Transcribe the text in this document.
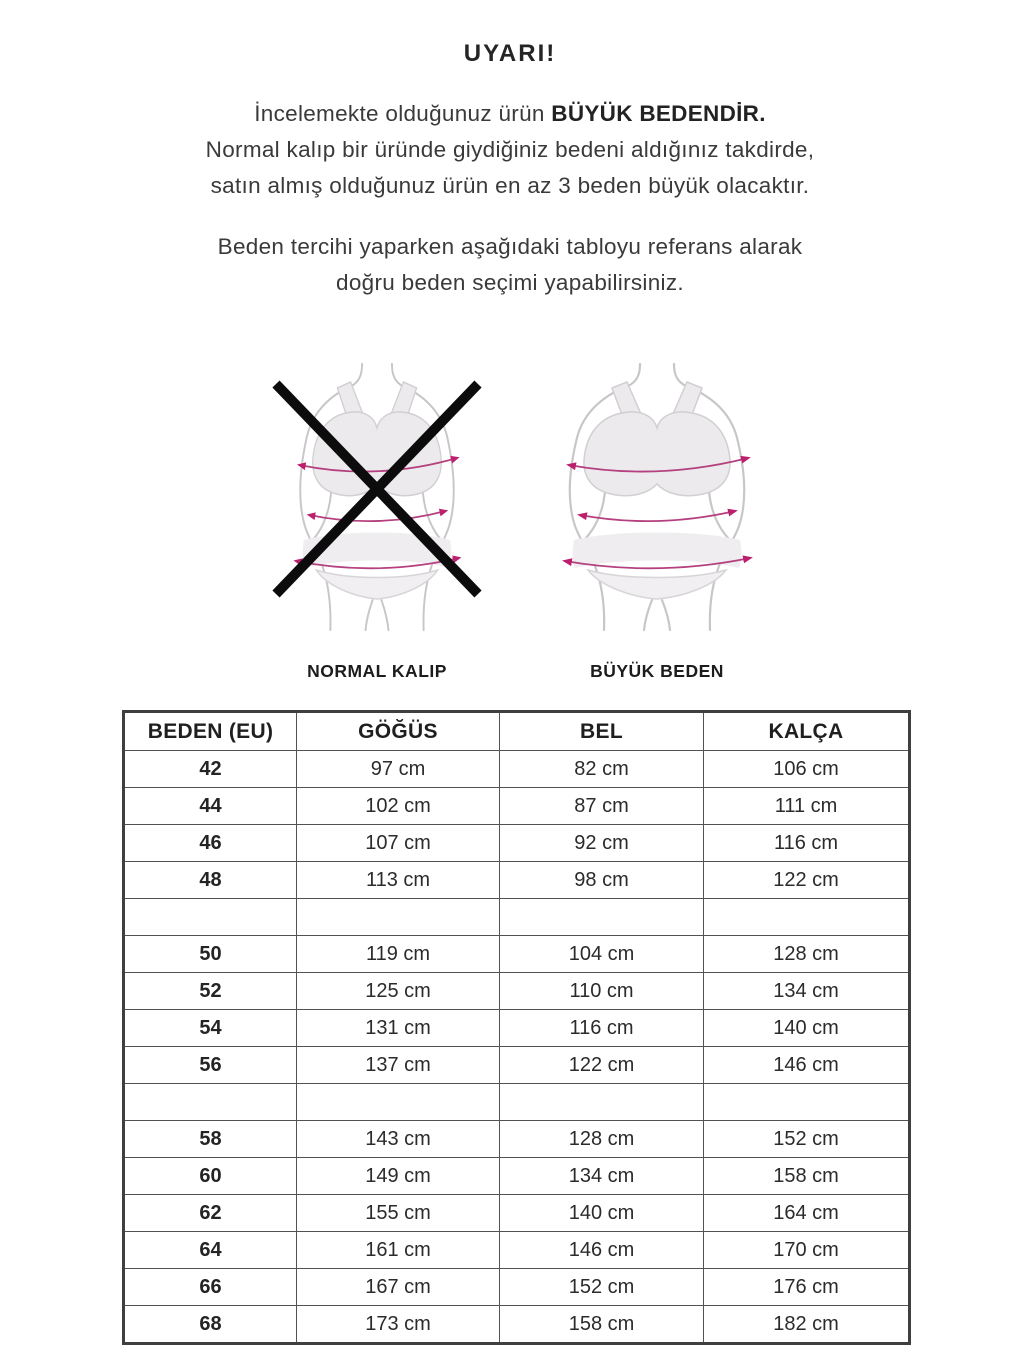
UYARI!
İncelemekte olduğunuz ürün BÜYÜK BEDENDİR.
Normal kalıp bir üründe giydiğiniz bedeni aldığınız takdirde,
satın almış olduğunuz ürün en az 3 beden büyük olacaktır.
Beden tercihi yaparken aşağıdaki tabloyu referans alarak
doğru beden seçimi yapabilirsiniz.
NORMAL KALIP	BÜYÜK BEDEN
BEDEN (EU)	GÖĞÜS	BEL	KALÇA
42	97 cm	82 cm	106 cm
44	102 cm	87 cm	111 cm
46	107 cm	92 cm	116 cm
48	113 cm	98 cm	122 cm

50	119 cm	104 cm	128 cm
52	125 cm	110 cm	134 cm
54	131 cm	116 cm	140 cm
56	137 cm	122 cm	146 cm

58	143 cm	128 cm	152 cm
60	149 cm	134 cm	158 cm
62	155 cm	140 cm	164 cm
64	161 cm	146 cm	170 cm
66	167 cm	152 cm	176 cm
68	173 cm	158 cm	182 cm
